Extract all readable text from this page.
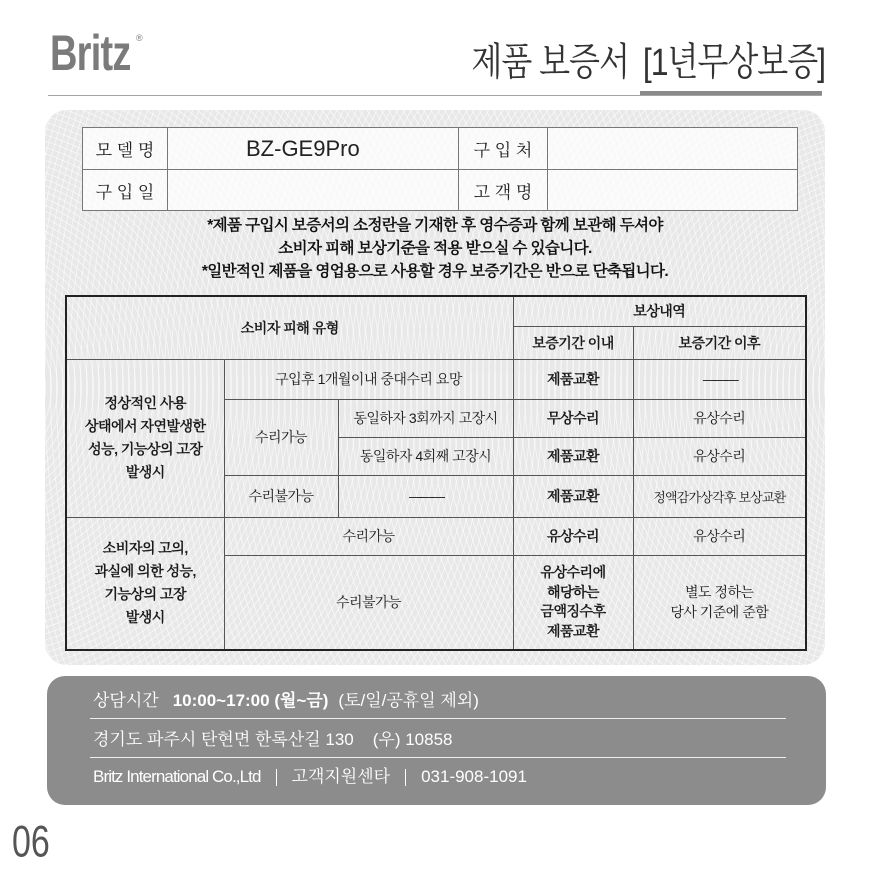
Britz ®
제품 보증서 [1년무상보증]
모 델 명	BZ-GE9Pro	구 입 처	
구 입 일		고 객 명	
*제품 구입시 보증서의 소정란을 기재한 후 영수증과 함께 보관해 두셔야
소비자 피해 보상기준을 적용 받으실 수 있습니다.
*일반적인 제품을 영업용으로 사용할 경우 보증기간은 반으로 단축됩니다.
소비자 피해 유형			보상내역	
			보증기간 이내	보증기간 이후

정상적인 사용
상태에서 자연발생한
성능, 기능상의 고장
발생시	구입후 1개월이내 중대수리 요망		제품교환	———
	수리가능	동일하자 3회까지 고장시	무상수리	유상수리
		동일하자 4회째 고장시	제품교환	유상수리
	수리불가능	———	제품교환	정액감가상각후 보상교환

소비자의 고의,
과실에 의한 성능,
기능상의 고장
발생시	수리가능		유상수리	유상수리
	수리불가능		유상수리에
해당하는
금액징수후
제품교환	별도 정하는
당사 기준에 준함
상담시간 10:00~17:00 (월~금) (토/일/공휴일 제외)
경기도 파주시 탄현면 한록산길 130 (우) 10858
Britz International Co.,Ltd 고객지원센타 031-908-1091
06
